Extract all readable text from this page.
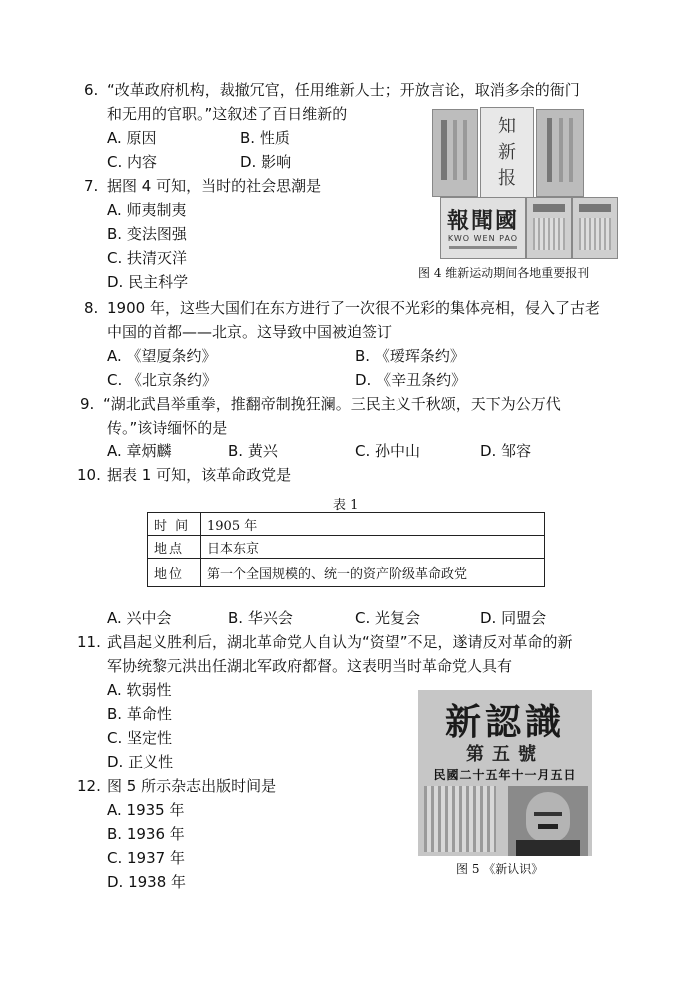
6. “改革政府机构，裁撤冗官，任用维新人士；开放言论，取消多余的衙门
和无用的官职。”这叙述了百日维新的
A. 原因	B. 性质
C. 内容	D. 影响
7. 据图 4 可知，当时的社会思潮是
A. 师夷制夷
B. 变法图强
C. 扶清灭洋
D. 民主科学
知新报
國聞報
KWO WEN PAO
图 4 维新运动期间各地重要报刊
8. 1900 年，这些大国们在东方进行了一次很不光彩的集体亮相，侵入了古老
中国的首都——北京。这导致中国被迫签订
A. 《望厦条约》	B. 《瑷珲条约》
C. 《北京条约》	D. 《辛丑条约》
9. “湖北武昌举重拳，推翻帝制挽狂澜。三民主义千秋颂，天下为公万代
传。”该诗缅怀的是
A. 章炳麟	B. 黄兴	C. 孙中山	D. 邹容
10. 据表 1 可知，该革命政党是
表 1
时 间	1905 年
地点	日本东京
地位	第一个全国规模的、统一的资产阶级革命政党
A. 兴中会	B. 华兴会	C. 光复会	D. 同盟会
11. 武昌起义胜利后，湖北革命党人自认为“资望”不足，遂请反对革命的新
军协统黎元洪出任湖北军政府都督。这表明当时革命党人具有
A. 软弱性
B. 革命性
C. 坚定性
D. 正义性
識認新
號五第
日五月一十年五十二國民
图 5 《新认识》
12. 图 5 所示杂志出版时间是
A. 1935 年
B. 1936 年
C. 1937 年
D. 1938 年
